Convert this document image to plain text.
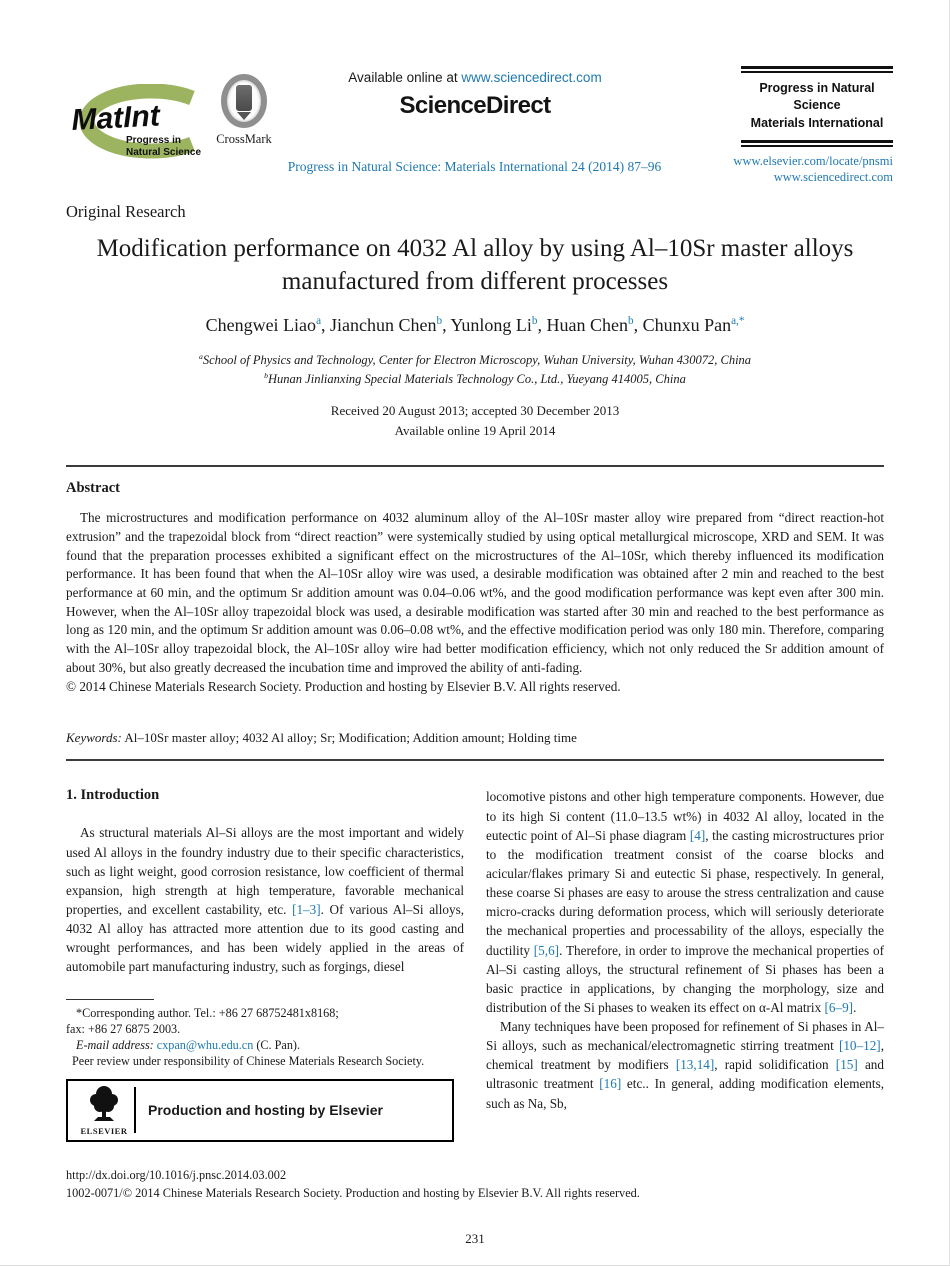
MatInt
Progress in
Natural Science
CrossMark
Available online at www.sciencedirect.com
ScienceDirect
Progress in Natural Science: Materials International 24 (2014) 87–96
Progress in Natural
Science
Materials International
www.elsevier.com/locate/pnsmi
www.sciencedirect.com
Original Research
Modification performance on 4032 Al alloy by using Al–10Sr master alloys manufactured from different processes
Chengwei Liao$^a$, Jianchun Chen$^b$, Yunlong Li$^b$, Huan Chen$^b$, Chunxu Pan$^{a,*}$
$^a$School of Physics and Technology, Center for Electron Microscopy, Wuhan University, Wuhan 430072, China
$^b$Hunan Jinlianxing Special Materials Technology Co., Ltd., Yueyang 414005, China
Received 20 August 2013; accepted 30 December 2013
Available online 19 April 2014
Abstract

The microstructures and modification performance on 4032 aluminum alloy of the Al–10Sr master alloy wire prepared from “direct reaction-hot extrusion” and the trapezoidal block from “direct reaction” were systemically studied by using optical metallurgical microscope, XRD and SEM. It was found that the preparation processes exhibited a significant effect on the microstructures of the Al–10Sr, which thereby influenced its modification performance. It has been found that when the Al–10Sr alloy wire was used, a desirable modification was obtained after 2 min and reached to the best performance at 60 min, and the optimum Sr addition amount was 0.04–0.06 wt%, and the good modification performance was kept even after 300 min. However, when the Al–10Sr alloy trapezoidal block was used, a desirable modification was started after 30 min and reached to the best performance as long as 120 min, and the optimum Sr addition amount was 0.06–0.08 wt%, and the effective modification period was only 180 min. Therefore, comparing with the Al–10Sr alloy trapezoidal block, the Al–10Sr alloy wire had better modification efficiency, which not only reduced the Sr addition amount of about 30%, but also greatly decreased the incubation time and improved the ability of anti-fading.

© 2014 Chinese Materials Research Society. Production and hosting by Elsevier B.V. All rights reserved.
Keywords: Al–10Sr master alloy; 4032 Al alloy; Sr; Modification; Addition amount; Holding time
1. Introduction

As structural materials Al–Si alloys are the most important and widely used Al alloys in the foundry industry due to their specific characteristics, such as light weight, good corrosion resistance, low coefficient of thermal expansion, high strength at high temperature, favorable mechanical properties, and excellent castability, etc. [1–3]. Of various Al–Si alloys, 4032 Al alloy has attracted more attention due to its good casting and wrought performances, and has been widely applied in the areas of automobile part manufacturing industry, such as forgings, diesel

*Corresponding author. Tel.: +86 27 68752481x8168;
fax: +86 27 6875 2003.
E-mail address: cxpan@whu.edu.cn (C. Pan).
Peer review under responsibility of Chinese Materials Research Society.
ELSEVIER
Production and hosting by Elsevier

locomotive pistons and other high temperature components. However, due to its high Si content (11.0–13.5 wt%) in 4032 Al alloy, located in the eutectic point of Al–Si phase diagram [4], the casting microstructures prior to the modification treatment consist of the coarse blocks and acicular/flakes primary Si and eutectic Si phase, respectively. In general, these coarse Si phases are easy to arouse the stress centralization and cause micro-cracks during deformation process, which will seriously deteriorate the mechanical properties and processability of the alloys, especially the ductility [5,6]. Therefore, in order to improve the mechanical properties of Al–Si casting alloys, the structural refinement of Si phases has been a basic practice in applications, by changing the morphology, size and distribution of the Si phases to weaken its effect on α-Al matrix [6–9].

Many techniques have been proposed for refinement of Si phases in Al–Si alloys, such as mechanical/electromagnetic stirring treatment [10–12], chemical treatment by modifiers [13,14], rapid solidification [15] and ultrasonic treatment [16] etc.. In general, adding modification elements, such as Na, Sb,

http://dx.doi.org/10.1016/j.pnsc.2014.03.002
1002-0071/© 2014 Chinese Materials Research Society. Production and hosting by Elsevier B.V. All rights reserved.
231
